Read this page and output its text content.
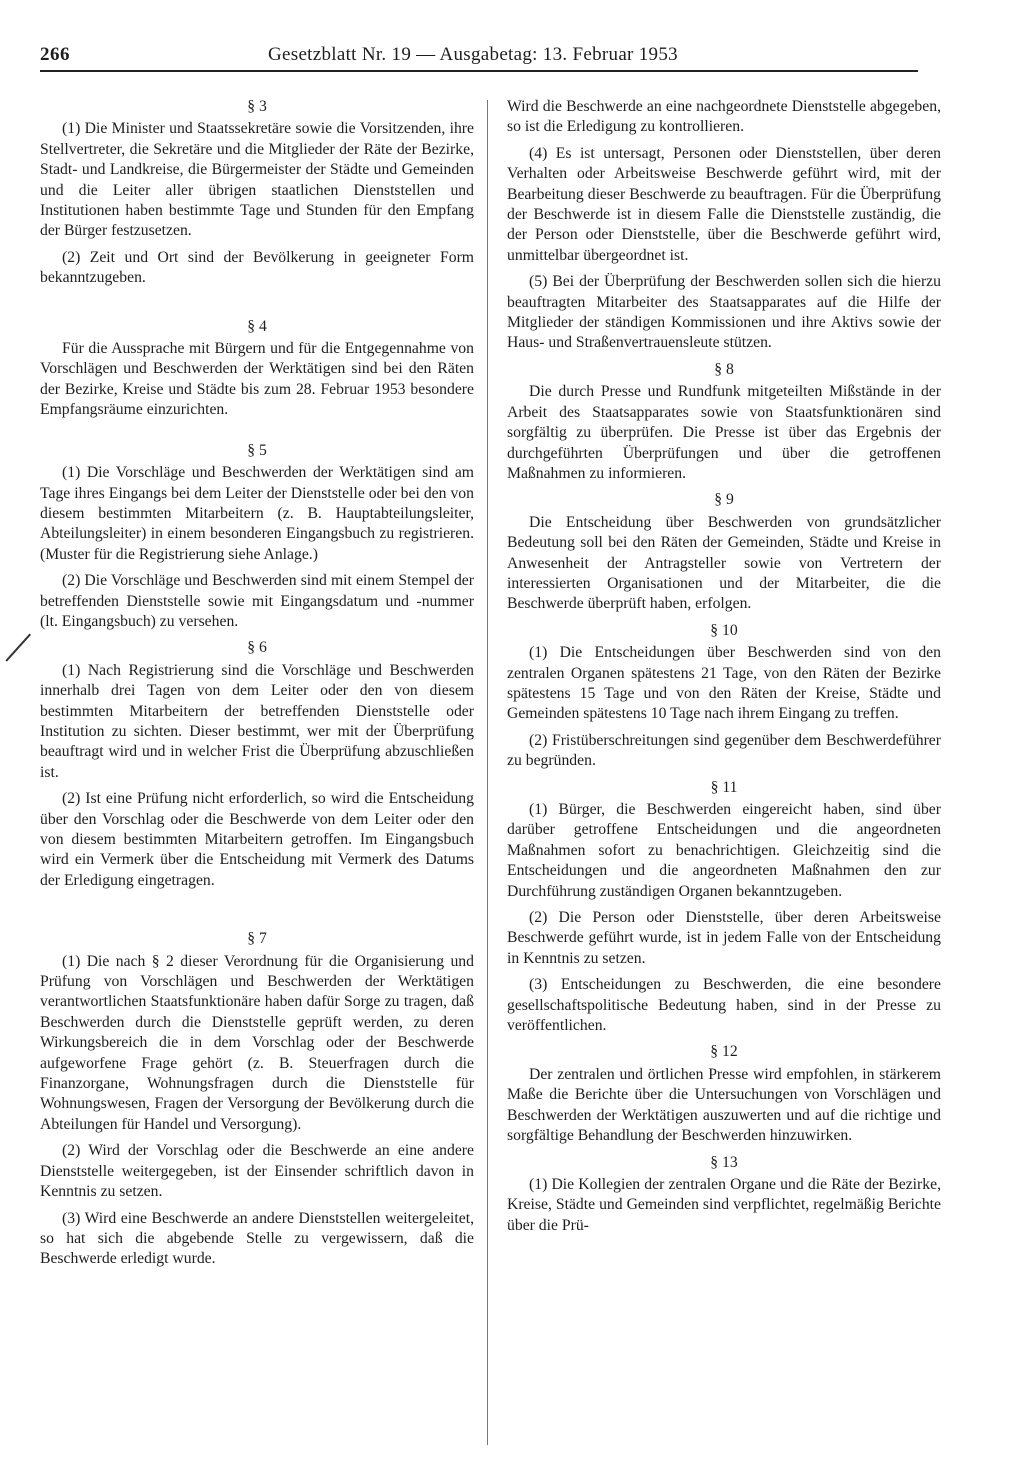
266	Gesetzblatt Nr. 19 — Ausgabetag: 13. Februar 1953
§ 3

(1) Die Minister und Staatssekretäre sowie die Vorsitzenden, ihre Stellvertreter, die Sekretäre und die Mitglieder der Räte der Bezirke, Stadt- und Landkreise, die Bürgermeister der Städte und Gemeinden und die Leiter aller übrigen staatlichen Dienststellen und Institutionen haben bestimmte Tage und Stunden für den Empfang der Bürger festzusetzen.

(2) Zeit und Ort sind der Bevölkerung in geeigneter Form bekanntzugeben.

§ 4

Für die Aussprache mit Bürgern und für die Entgegennahme von Vorschlägen und Beschwerden der Werktätigen sind bei den Räten der Bezirke, Kreise und Städte bis zum 28. Februar 1953 besondere Empfangsräume einzurichten.

§ 5

(1) Die Vorschläge und Beschwerden der Werktätigen sind am Tage ihres Eingangs bei dem Leiter der Dienststelle oder bei den von diesem bestimmten Mitarbeitern (z. B. Hauptabteilungsleiter, Abteilungsleiter) in einem besonderen Eingangsbuch zu registrieren. (Muster für die Registrierung siehe Anlage.)

(2) Die Vorschläge und Beschwerden sind mit einem Stempel der betreffenden Dienststelle sowie mit Eingangsdatum und -nummer (lt. Eingangsbuch) zu versehen.

§ 6

(1) Nach Registrierung sind die Vorschläge und Beschwerden innerhalb drei Tagen von dem Leiter oder den von diesem bestimmten Mitarbeitern der betreffenden Dienststelle oder Institution zu sichten. Dieser bestimmt, wer mit der Überprüfung beauftragt wird und in welcher Frist die Überprüfung abzuschließen ist.

(2) Ist eine Prüfung nicht erforderlich, so wird die Entscheidung über den Vorschlag oder die Beschwerde von dem Leiter oder den von diesem bestimmten Mitarbeitern getroffen. Im Eingangsbuch wird ein Vermerk über die Entscheidung mit Vermerk des Datums der Erledigung eingetragen.

§ 7

(1) Die nach § 2 dieser Verordnung für die Organisierung und Prüfung von Vorschlägen und Beschwerden der Werktätigen verantwortlichen Staatsfunktionäre haben dafür Sorge zu tragen, daß Beschwerden durch die Dienststelle geprüft werden, zu deren Wirkungsbereich die in dem Vorschlag oder der Beschwerde aufgeworfene Frage gehört (z. B. Steuerfragen durch die Finanzorgane, Wohnungsfragen durch die Dienststelle für Wohnungswesen, Fragen der Versorgung der Bevölkerung durch die Abteilungen für Handel und Versorgung).

(2) Wird der Vorschlag oder die Beschwerde an eine andere Dienststelle weitergegeben, ist der Einsender schriftlich davon in Kenntnis zu setzen.

(3) Wird eine Beschwerde an andere Dienststellen weitergeleitet, so hat sich die abgebende Stelle zu vergewissern, daß die Beschwerde erledigt wurde.

Wird die Beschwerde an eine nachgeordnete Dienststelle abgegeben, so ist die Erledigung zu kontrollieren.

(4) Es ist untersagt, Personen oder Dienststellen, über deren Verhalten oder Arbeitsweise Beschwerde geführt wird, mit der Bearbeitung dieser Beschwerde zu beauftragen. Für die Überprüfung der Beschwerde ist in diesem Falle die Dienststelle zuständig, die der Person oder Dienststelle, über die Beschwerde geführt wird, unmittelbar übergeordnet ist.

(5) Bei der Überprüfung der Beschwerden sollen sich die hierzu beauftragten Mitarbeiter des Staatsapparates auf die Hilfe der Mitglieder der ständigen Kommissionen und ihre Aktivs sowie der Haus- und Straßenvertrauensleute stützen.

§ 8

Die durch Presse und Rundfunk mitgeteilten Mißstände in der Arbeit des Staatsapparates sowie von Staatsfunktionären sind sorgfältig zu überprüfen. Die Presse ist über das Ergebnis der durchgeführten Überprüfungen und über die getroffenen Maßnahmen zu informieren.

§ 9

Die Entscheidung über Beschwerden von grundsätzlicher Bedeutung soll bei den Räten der Gemeinden, Städte und Kreise in Anwesenheit der Antragsteller sowie von Vertretern der interessierten Organisationen und der Mitarbeiter, die die Beschwerde überprüft haben, erfolgen.

§ 10

(1) Die Entscheidungen über Beschwerden sind von den zentralen Organen spätestens 21 Tage, von den Räten der Bezirke spätestens 15 Tage und von den Räten der Kreise, Städte und Gemeinden spätestens 10 Tage nach ihrem Eingang zu treffen.

(2) Fristüberschreitungen sind gegenüber dem Beschwerdeführer zu begründen.

§ 11

(1) Bürger, die Beschwerden eingereicht haben, sind über darüber getroffene Entscheidungen und die angeordneten Maßnahmen sofort zu benachrichtigen. Gleichzeitig sind die Entscheidungen und die angeordneten Maßnahmen den zur Durchführung zuständigen Organen bekanntzugeben.

(2) Die Person oder Dienststelle, über deren Arbeitsweise Beschwerde geführt wurde, ist in jedem Falle von der Entscheidung in Kenntnis zu setzen.

(3) Entscheidungen zu Beschwerden, die eine besondere gesellschaftspolitische Bedeutung haben, sind in der Presse zu veröffentlichen.

§ 12

Der zentralen und örtlichen Presse wird empfohlen, in stärkerem Maße die Berichte über die Untersuchungen von Vorschlägen und Beschwerden der Werktätigen auszuwerten und auf die richtige und sorgfältige Behandlung der Beschwerden hinzuwirken.

§ 13

(1) Die Kollegien der zentralen Organe und die Räte der Bezirke, Kreise, Städte und Gemeinden sind verpflichtet, regelmäßig Berichte über die Prü-
